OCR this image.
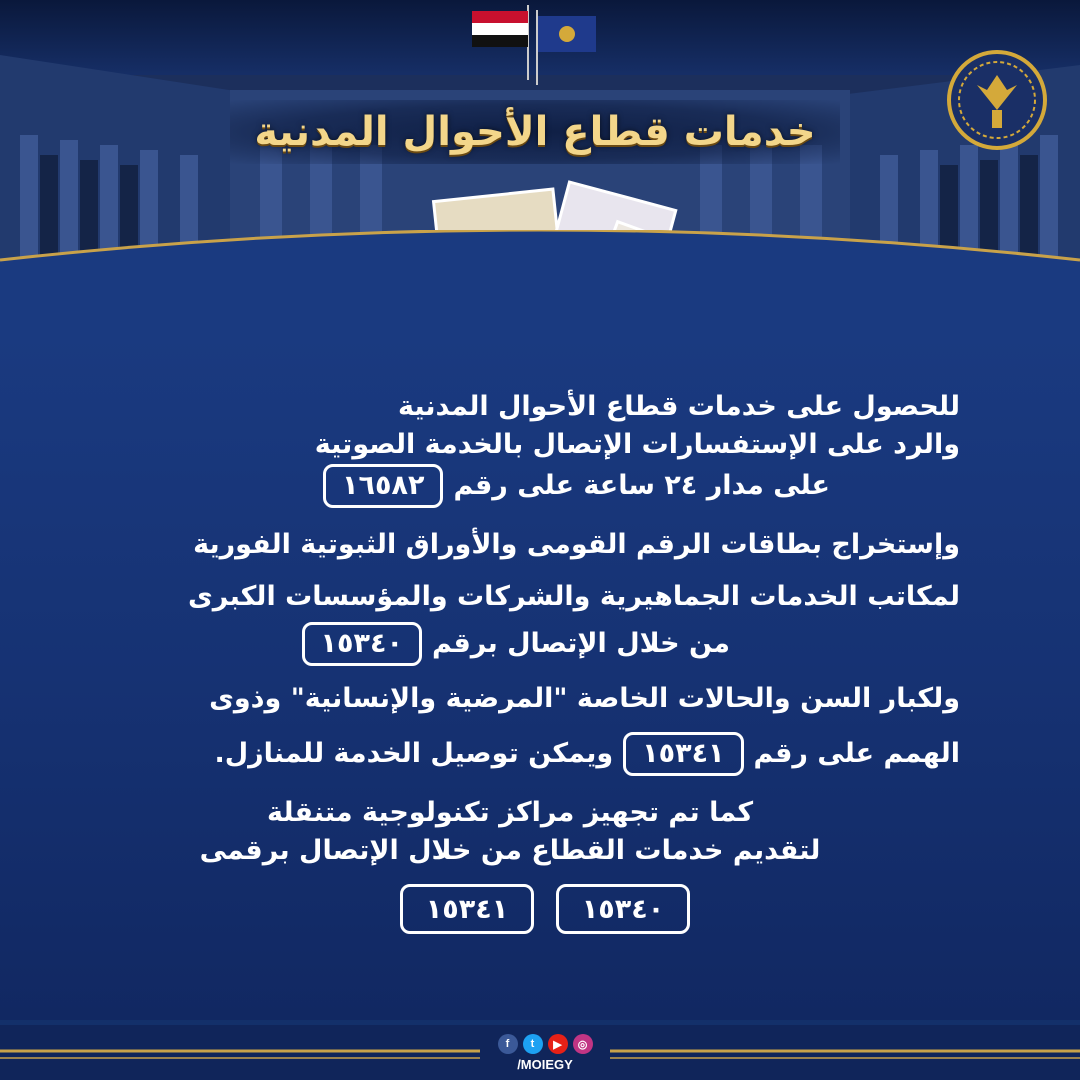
خدمات قطاع الأحوال المدنية
للحصول على خدمات قطاع الأحوال المدنية
والرد على الإستفسارات الإتصال بالخدمة الصوتية
على مدار ٢٤ ساعة على رقم
١٦٥٨٢
وإستخراج بطاقات الرقم القومى والأوراق الثبوتية الفورية
لمكاتب الخدمات الجماهيرية والشركات والمؤسسات الكبرى
من خلال الإتصال برقم
١٥٣٤٠
ولكبار السن والحالات الخاصة "المرضية والإنسانية" وذوى
الهمم على رقم
١٥٣٤١
ويمكن توصيل الخدمة للمنازل.
كما تم تجهيز مراكز تكنولوجية متنقلة
لتقديم خدمات القطاع من خلال الإتصال برقمى
١٥٣٤١	١٥٣٤٠
f	t	▶	◎
/MOIEGY
